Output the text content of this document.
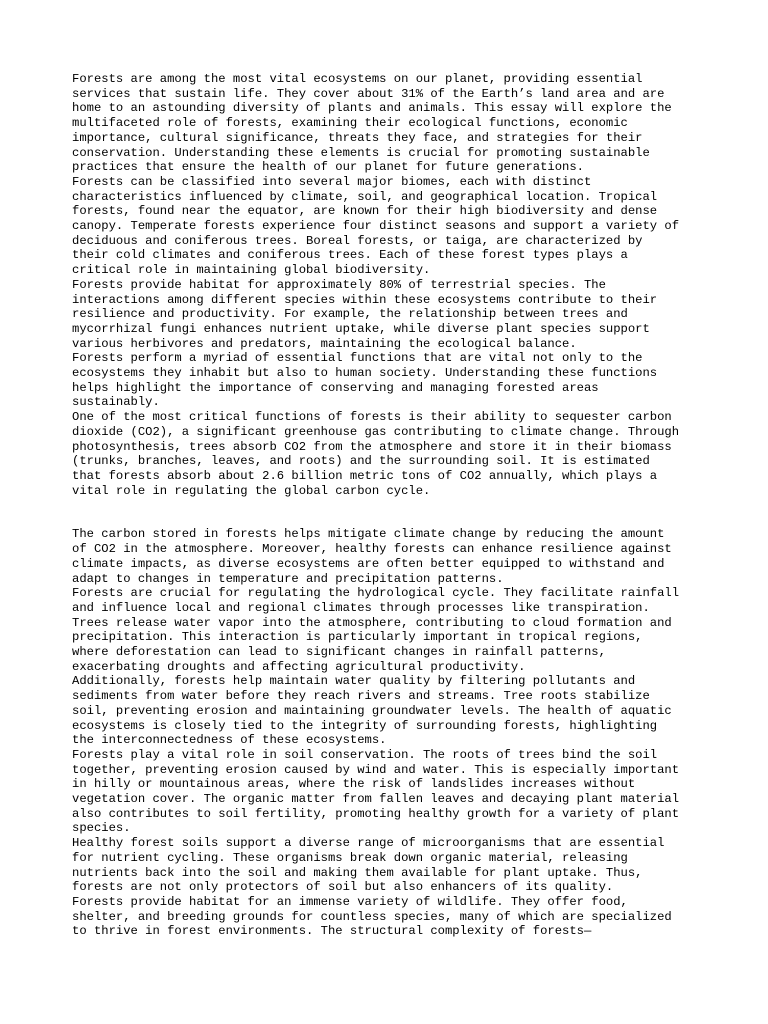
Forests are among the most vital ecosystems on our planet, providing essential
services that sustain life. They cover about 31% of the Earth’s land area and are
home to an astounding diversity of plants and animals. This essay will explore the
multifaceted role of forests, examining their ecological functions, economic
importance, cultural significance, threats they face, and strategies for their
conservation. Understanding these elements is crucial for promoting sustainable
practices that ensure the health of our planet for future generations.

Forests can be classified into several major biomes, each with distinct
characteristics influenced by climate, soil, and geographical location. Tropical
forests, found near the equator, are known for their high biodiversity and dense
canopy. Temperate forests experience four distinct seasons and support a variety of
deciduous and coniferous trees. Boreal forests, or taiga, are characterized by
their cold climates and coniferous trees. Each of these forest types plays a
critical role in maintaining global biodiversity.

Forests provide habitat for approximately 80% of terrestrial species. The
interactions among different species within these ecosystems contribute to their
resilience and productivity. For example, the relationship between trees and
mycorrhizal fungi enhances nutrient uptake, while diverse plant species support
various herbivores and predators, maintaining the ecological balance.

Forests perform a myriad of essential functions that are vital not only to the
ecosystems they inhabit but also to human society. Understanding these functions
helps highlight the importance of conserving and managing forested areas
sustainably.

One of the most critical functions of forests is their ability to sequester carbon
dioxide (CO2), a significant greenhouse gas contributing to climate change. Through
photosynthesis, trees absorb CO2 from the atmosphere and store it in their biomass
(trunks, branches, leaves, and roots) and the surrounding soil. It is estimated
that forests absorb about 2.6 billion metric tons of CO2 annually, which plays a
vital role in regulating the global carbon cycle.

The carbon stored in forests helps mitigate climate change by reducing the amount
of CO2 in the atmosphere. Moreover, healthy forests can enhance resilience against
climate impacts, as diverse ecosystems are often better equipped to withstand and
adapt to changes in temperature and precipitation patterns.

Forests are crucial for regulating the hydrological cycle. They facilitate rainfall
and influence local and regional climates through processes like transpiration.
Trees release water vapor into the atmosphere, contributing to cloud formation and
precipitation. This interaction is particularly important in tropical regions,
where deforestation can lead to significant changes in rainfall patterns,
exacerbating droughts and affecting agricultural productivity.

Additionally, forests help maintain water quality by filtering pollutants and
sediments from water before they reach rivers and streams. Tree roots stabilize
soil, preventing erosion and maintaining groundwater levels. The health of aquatic
ecosystems is closely tied to the integrity of surrounding forests, highlighting
the interconnectedness of these ecosystems.

Forests play a vital role in soil conservation. The roots of trees bind the soil
together, preventing erosion caused by wind and water. This is especially important
in hilly or mountainous areas, where the risk of landslides increases without
vegetation cover. The organic matter from fallen leaves and decaying plant material
also contributes to soil fertility, promoting healthy growth for a variety of plant
species.

Healthy forest soils support a diverse range of microorganisms that are essential
for nutrient cycling. These organisms break down organic material, releasing
nutrients back into the soil and making them available for plant uptake. Thus,
forests are not only protectors of soil but also enhancers of its quality.

Forests provide habitat for an immense variety of wildlife. They offer food,
shelter, and breeding grounds for countless species, many of which are specialized
to thrive in forest environments. The structural complexity of forests—
